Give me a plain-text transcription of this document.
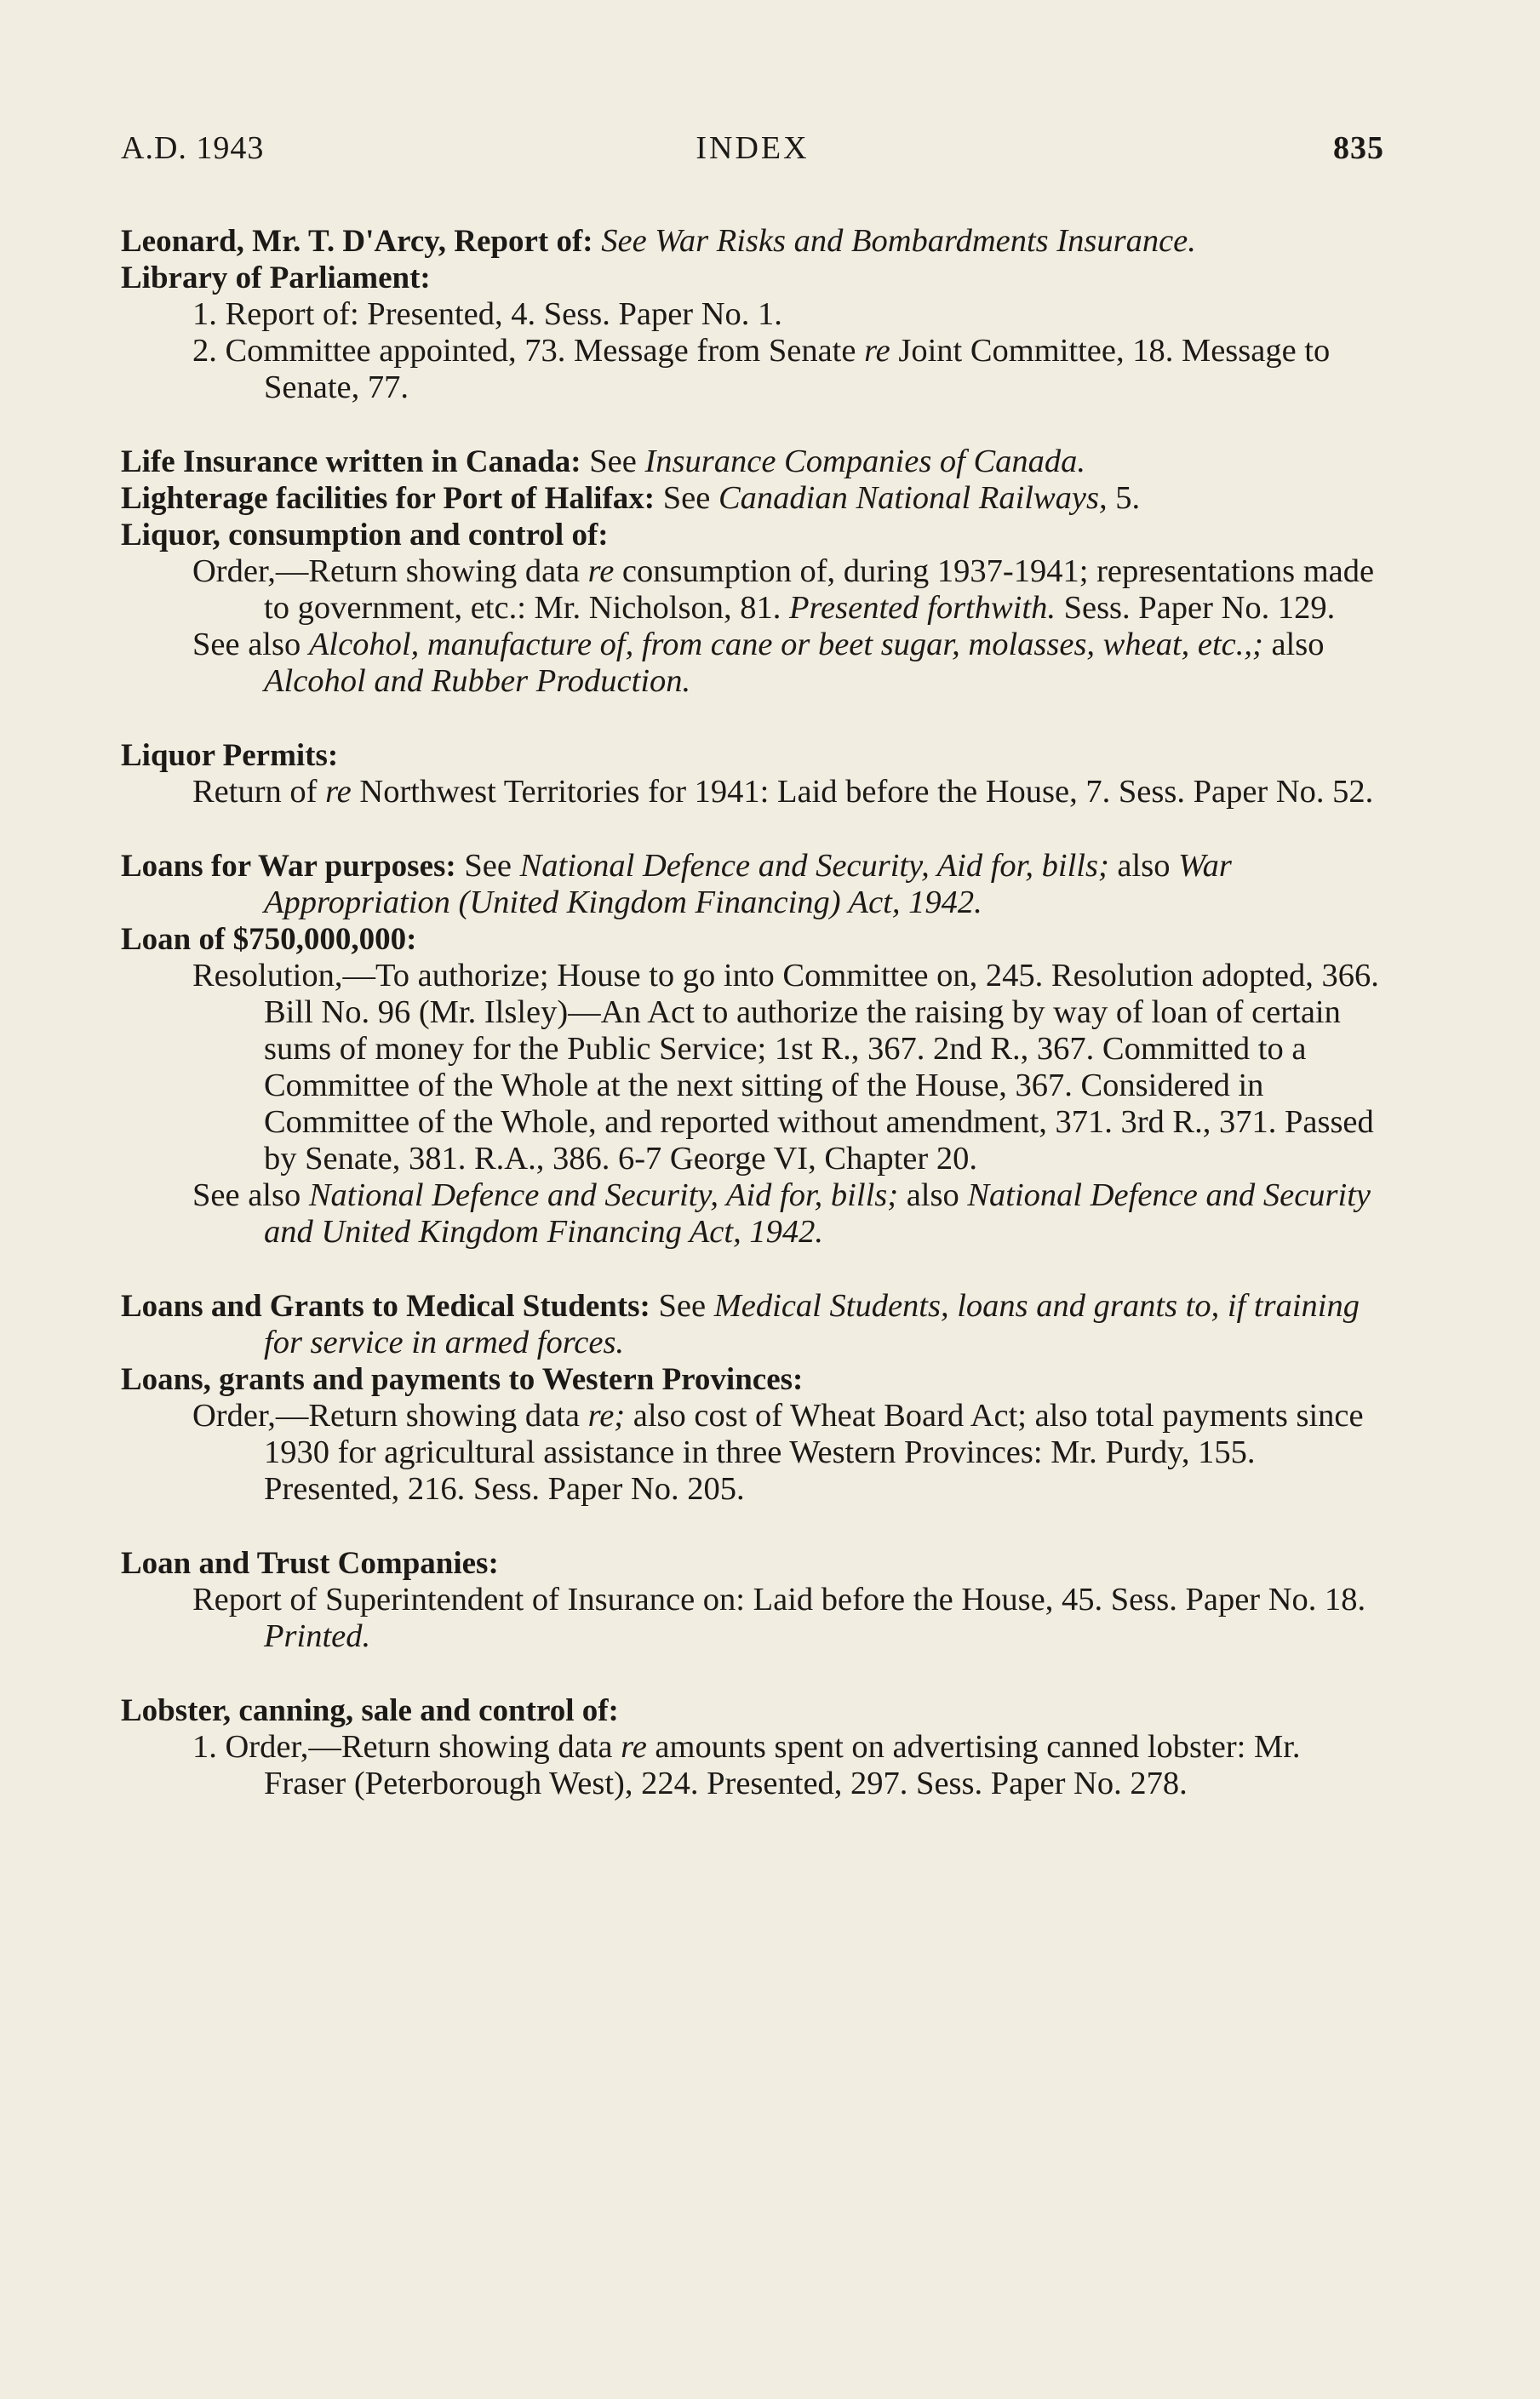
A.D. 1943	INDEX	835
Leonard, Mr. T. D'Arcy, Report of: See War Risks and Bombardments Insurance.
Library of Parliament:

1. Report of: Presented, 4. Sess. Paper No. 1.

2. Committee appointed, 73. Message from Senate re Joint Committee, 18. Message to Senate, 77.

Life Insurance written in Canada: See Insurance Companies of Canada.
Lighterage facilities for Port of Halifax: See Canadian National Railways, 5.
Liquor, consumption and control of:

Order,—Return showing data re consumption of, during 1937-1941; representations made to government, etc.: Mr. Nicholson, 81. Presented forthwith. Sess. Paper No. 129.

See also Alcohol, manufacture of, from cane or beet sugar, molasses, wheat, etc.,; also Alcohol and Rubber Production.

Liquor Permits:

Return of re Northwest Territories for 1941: Laid before the House, 7. Sess. Paper No. 52.

Loans for War purposes: See National Defence and Security, Aid for, bills; also War Appropriation (United Kingdom Financing) Act, 1942.
Loan of $750,000,000:

Resolution,—To authorize; House to go into Committee on, 245. Resolution adopted, 366. Bill No. 96 (Mr. Ilsley)—An Act to authorize the raising by way of loan of certain sums of money for the Public Service; 1st R., 367. 2nd R., 367. Committed to a Committee of the Whole at the next sitting of the House, 367. Considered in Committee of the Whole, and reported without amendment, 371. 3rd R., 371. Passed by Senate, 381. R.A., 386. 6-7 George VI, Chapter 20.

See also National Defence and Security, Aid for, bills; also National Defence and Security and United Kingdom Financing Act, 1942.

Loans and Grants to Medical Students: See Medical Students, loans and grants to, if training for service in armed forces.
Loans, grants and payments to Western Provinces:

Order,—Return showing data re; also cost of Wheat Board Act; also total payments since 1930 for agricultural assistance in three Western Provinces: Mr. Purdy, 155. Presented, 216. Sess. Paper No. 205.

Loan and Trust Companies:

Report of Superintendent of Insurance on: Laid before the House, 45. Sess. Paper No. 18. Printed.

Lobster, canning, sale and control of:

1. Order,—Return showing data re amounts spent on advertising canned lobster: Mr. Fraser (Peterborough West), 224. Presented, 297. Sess. Paper No. 278.
